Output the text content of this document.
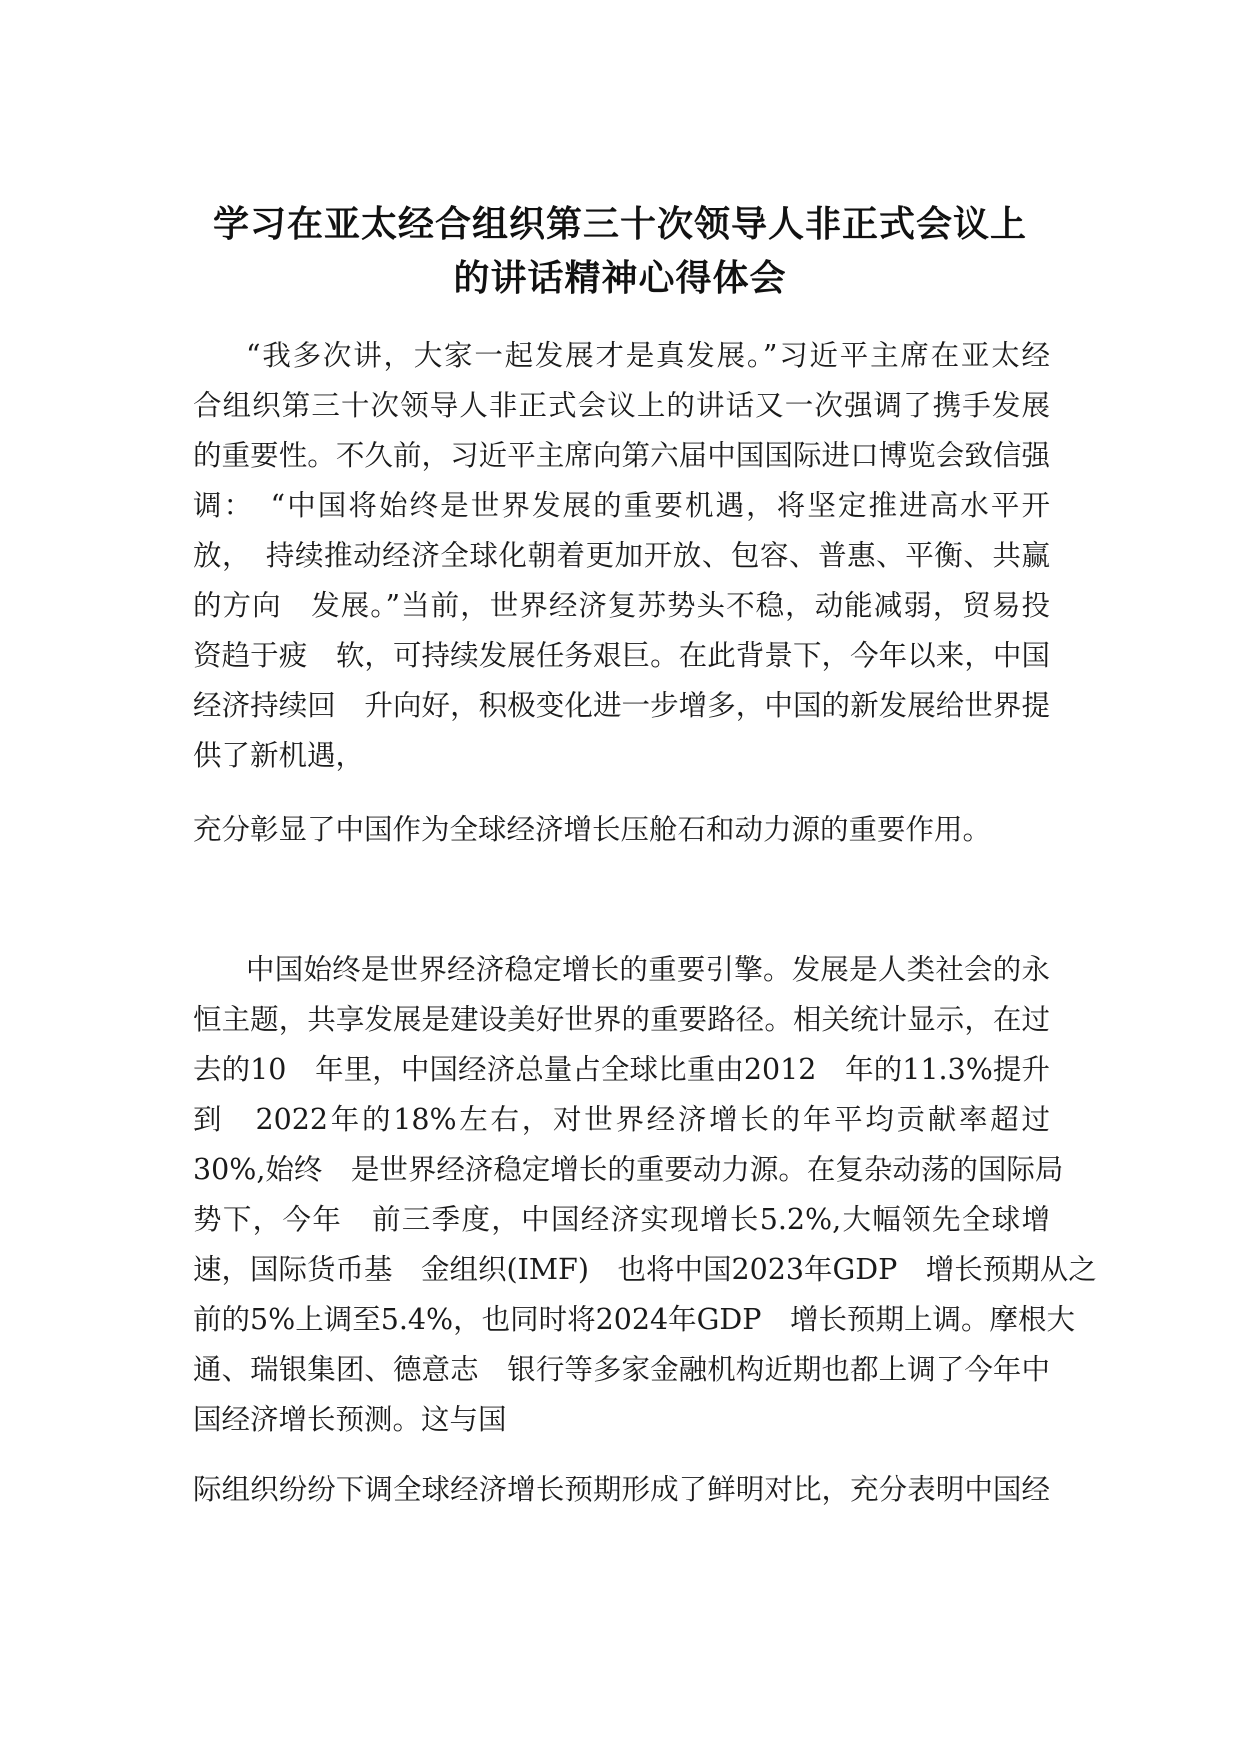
学习在亚太经合组织第三十次领导人非正式会议上
的讲话精神心得体会
“我多次讲，大家一起发展才是真发展。”习近平主席在亚太经
合组织第三十次领导人非正式会议上的讲话又一次强调了携手发展
的重要性。不久前，习近平主席向第六届中国国际进口博览会致信强
调：　“中国将始终是世界发展的重要机遇，将坚定推进高水平开
放，　持续推动经济全球化朝着更加开放、包容、普惠、平衡、共赢
的方向　发展。”当前，世界经济复苏势头不稳，动能减弱，贸易投
资趋于疲　软，可持续发展任务艰巨。在此背景下，今年以来，中国
经济持续回　升向好，积极变化进一步增多，中国的新发展给世界提
供了新机遇，
充分彰显了中国作为全球经济增长压舱石和动力源的重要作用。
中国始终是世界经济稳定增长的重要引擎。发展是人类社会的永
恒主题，共享发展是建设美好世界的重要路径。相关统计显示，在过
去的10　年里，中国经济总量占全球比重由2012　年的11.3%提升
到　2022年的18%左右，对世界经济增长的年平均贡献率超过
30%,始终　是世界经济稳定增长的重要动力源。在复杂动荡的国际局
势下，今年　前三季度，中国经济实现增长5.2%,大幅领先全球增
速，国际货币基　金组织(IMF)　也将中国2023年GDP　增长预期从之
前的5%上调至5.4%，也同时将2024年GDP　增长预期上调。摩根大
通、瑞银集团、德意志　银行等多家金融机构近期也都上调了今年中
国经济增长预测。这与国
际组织纷纷下调全球经济增长预期形成了鲜明对比，充分表明中国经
